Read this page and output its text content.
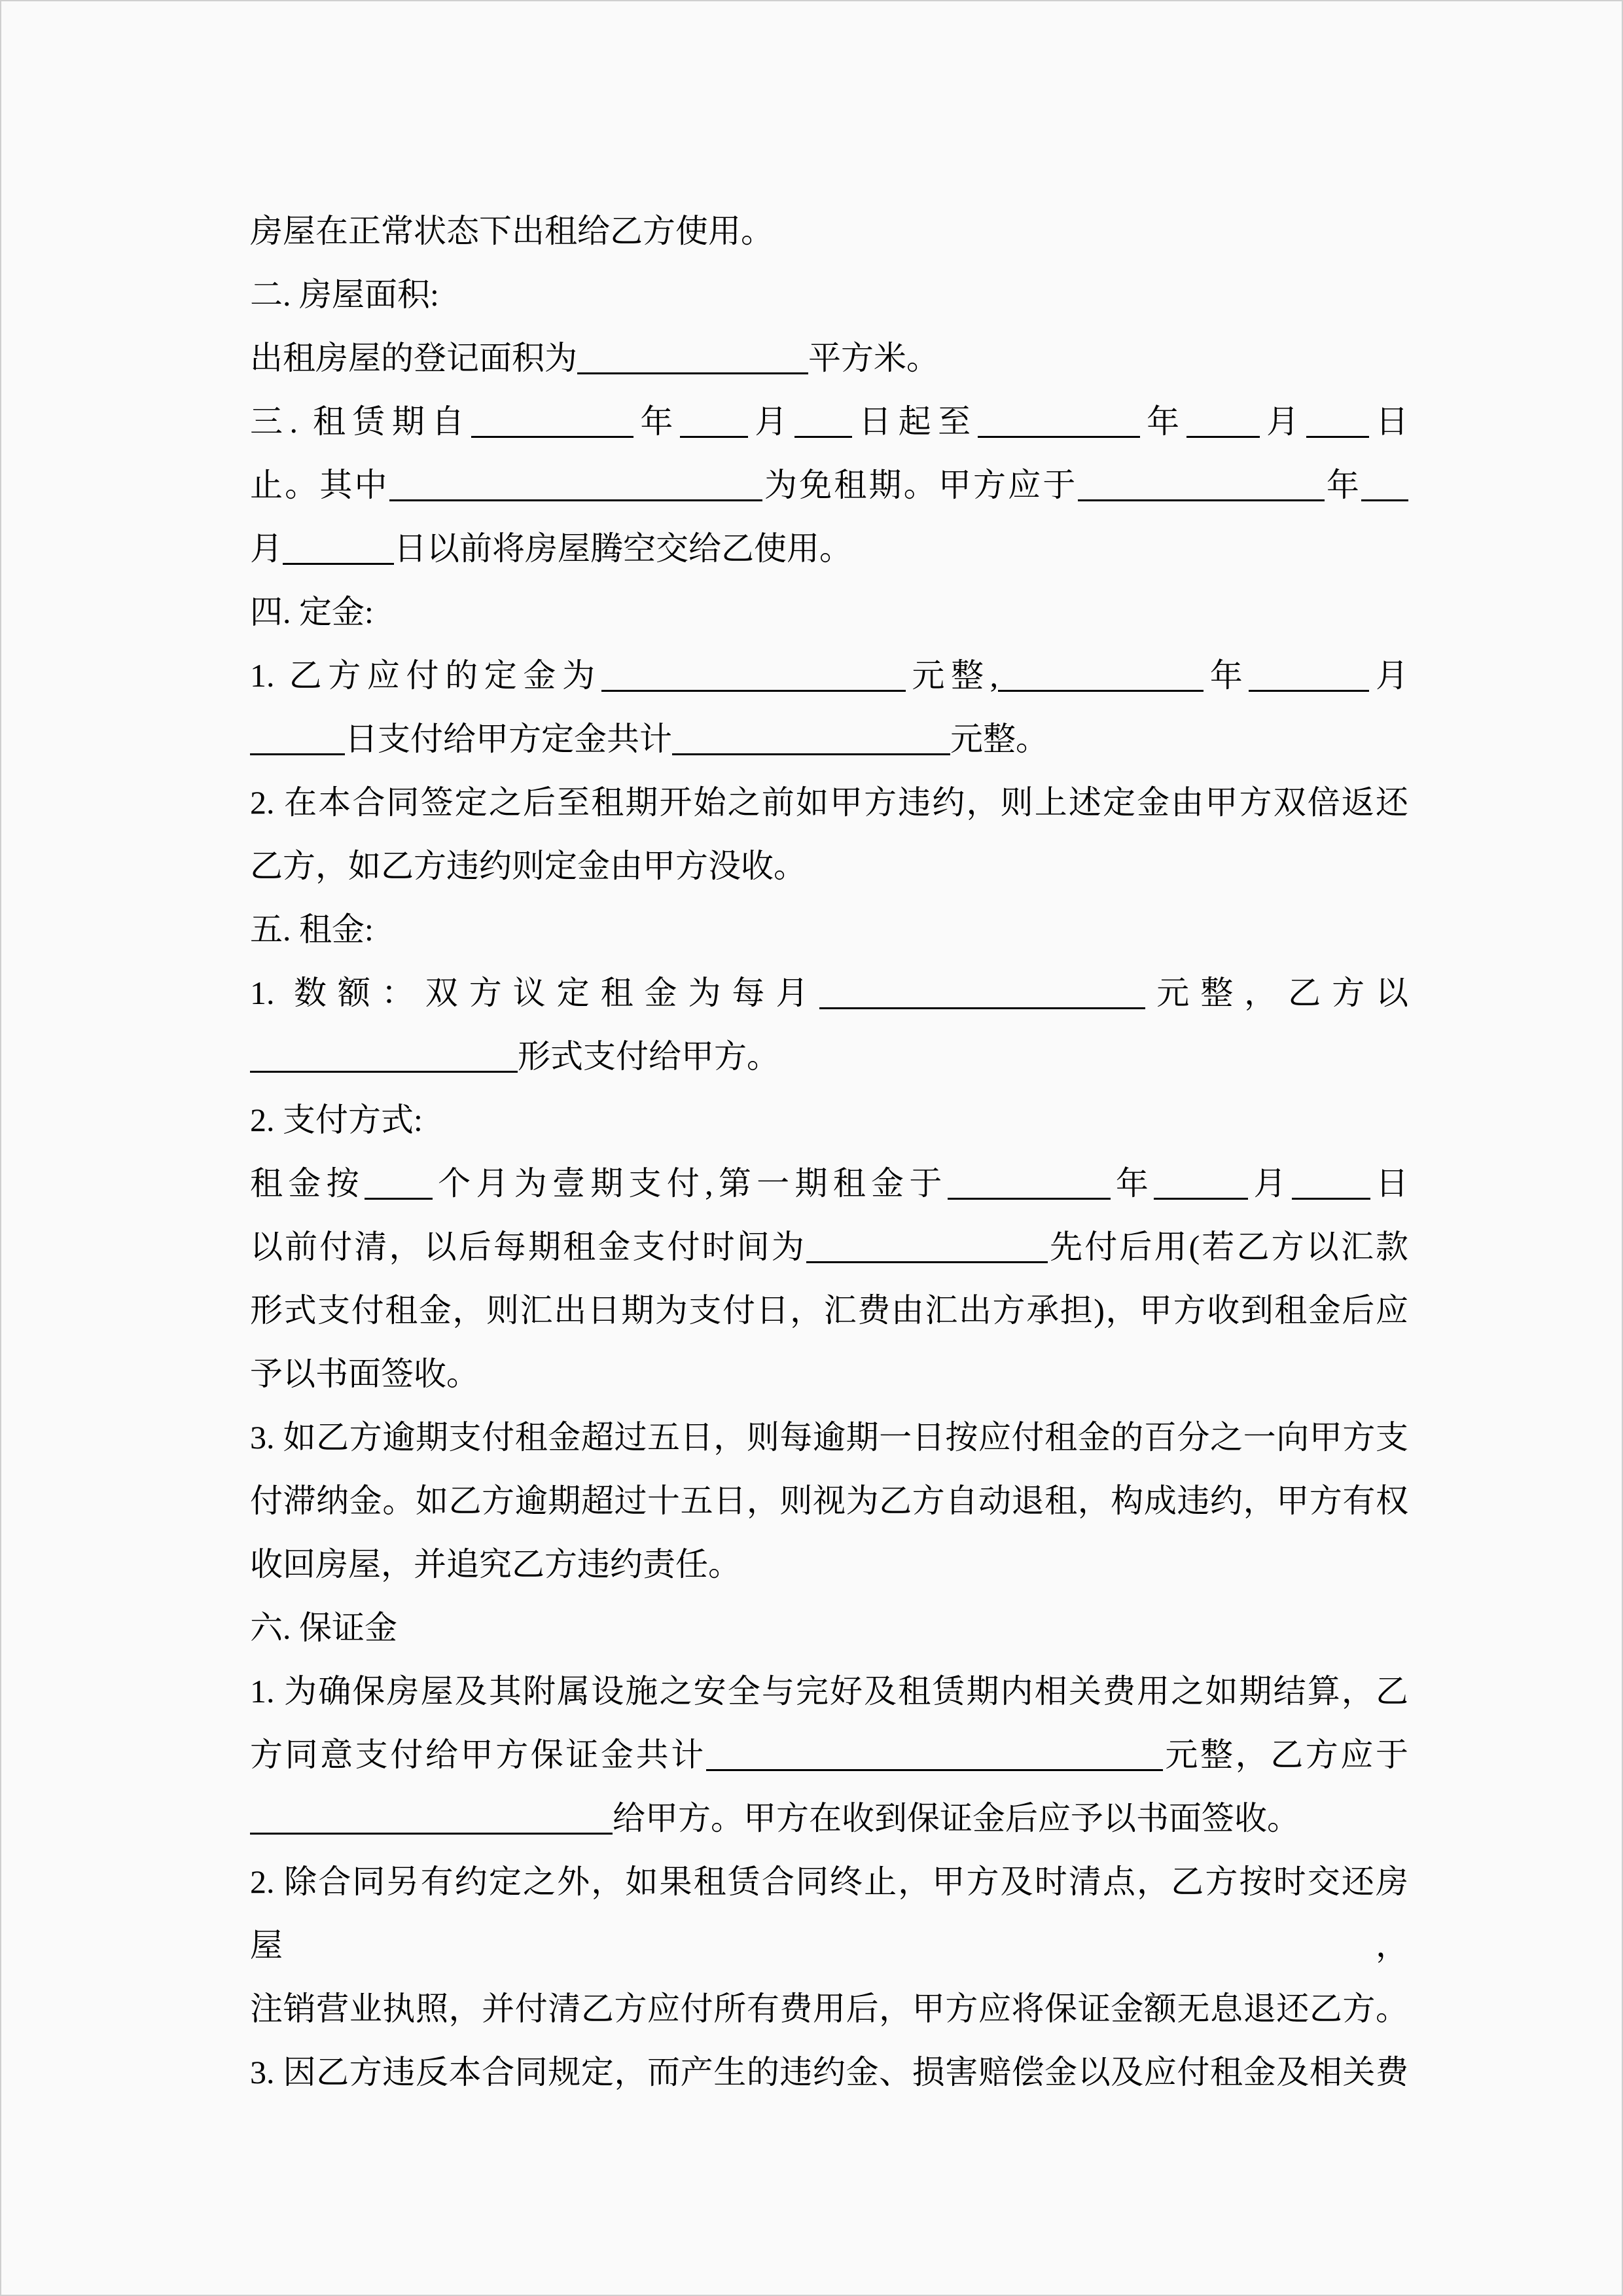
房屋在正常状态下出租给乙方使用。
二. 房屋面积:
出租房屋的登记面积为	平方米。
三. 租赁期自	年 月 日起至	年 月 日
止。其中	为免租期。甲方应于	年
月	日以前将房屋腾空交给乙使用。
四. 定金:
1. 乙方应付的定金为	元整,	年	月
日支付给甲方定金共计	元整。
2. 在本合同签定之后至租期开始之前如甲方违约，则上述定金由甲方双倍返还
乙方，如乙方违约则定金由甲方没收。
五. 租金:
1. 数额：双方议定租金为每月	元整，乙方以
形式支付给甲方。
2. 支付方式:
租金按 个月为壹期支付,第一期租金于	年	月 日
以前付清，以后每期租金支付时间为	先付后用(若乙方以汇款
形式支付租金，则汇出日期为支付日，汇费由汇出方承担)，甲方收到租金后应
予以书面签收。
3. 如乙方逾期支付租金超过五日，则每逾期一日按应付租金的百分之一向甲方支
付滞纳金。如乙方逾期超过十五日，则视为乙方自动退租，构成违约，甲方有权
收回房屋，并追究乙方违约责任。
六. 保证金
1. 为确保房屋及其附属设施之安全与完好及租赁期内相关费用之如期结算，乙
方同意支付给甲方保证金共计	元整，乙方应于
给甲方。甲方在收到保证金后应予以书面签收。
2. 除合同另有约定之外，如果租赁合同终止，甲方及时清点，乙方按时交还房屋，
注销营业执照，并付清乙方应付所有费用后，甲方应将保证金额无息退还乙方。
3. 因乙方违反本合同规定，而产生的违约金、损害赔偿金以及应付租金及相关费
